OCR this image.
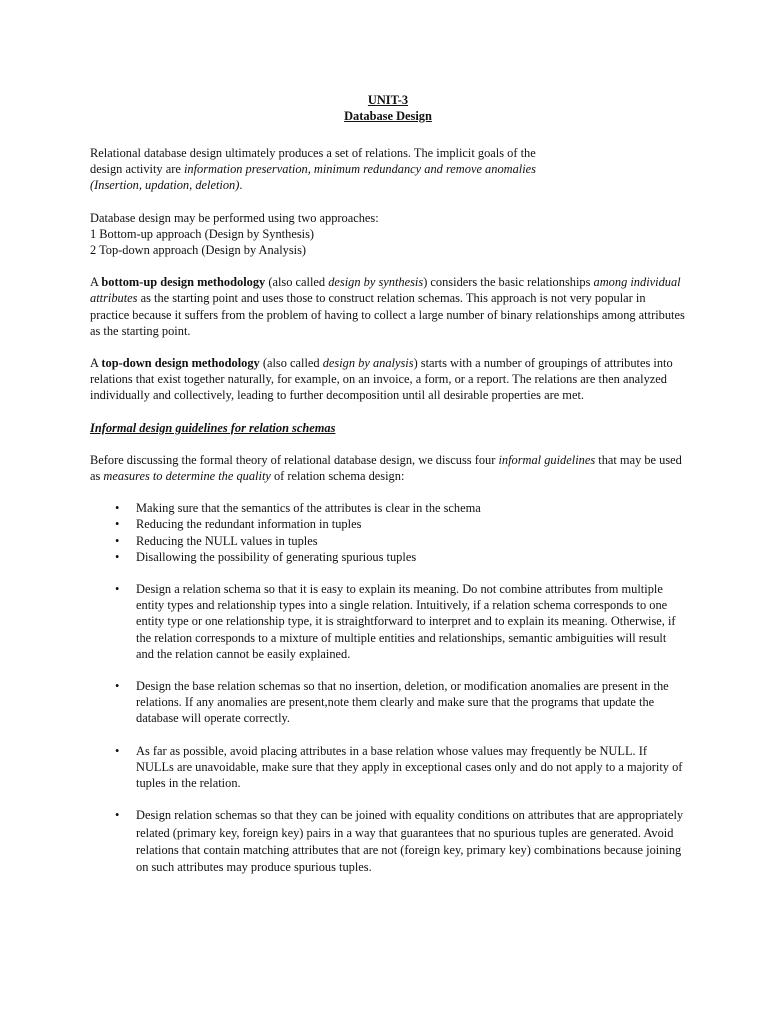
UNIT-3

Database Design

Relational database design ultimately produces a set of relations. The implicit goals of the design activity are information preservation, minimum redundancy and remove anomalies (Insertion, updation, deletion).

Database design may be performed using two approaches:

1 Bottom-up approach (Design by Synthesis)

2 Top-down approach (Design by Analysis)

A bottom-up design methodology (also called design by synthesis) considers the basic relationships among individual attributes as the starting point and uses those to construct relation schemas. This approach is not very popular in practice because it suffers from the problem of having to collect a large number of binary relationships among attributes as the starting point.

A top-down design methodology (also called design by analysis) starts with a number of groupings of attributes into relations that exist together naturally, for example, on an invoice, a form, or a report. The relations are then analyzed individually and collectively, leading to further decomposition until all desirable properties are met.

Informal design guidelines for relation schemas

Before discussing the formal theory of relational database design, we discuss four informal guidelines that may be used as measures to determine the quality of relation schema design:

• Making sure that the semantics of the attributes is clear in the schema
• Reducing the redundant information in tuples
• Reducing the NULL values in tuples
• Disallowing the possibility of generating spurious tuples
• Design a relation schema so that it is easy to explain its meaning. Do not combine attributes from multiple entity types and relationship types into a single relation. Intuitively, if a relation schema corresponds to one entity type or one relationship type, it is straightforward to interpret and to explain its meaning. Otherwise, if the relation corresponds to a mixture of multiple entities and relationships, semantic ambiguities will result and the relation cannot be easily explained.
• Design the base relation schemas so that no insertion, deletion, or modification anomalies are present in the relations. If any anomalies are present,note them clearly and make sure that the programs that update the database will operate correctly.
• As far as possible, avoid placing attributes in a base relation whose values may frequently be NULL. If NULLs are unavoidable, make sure that they apply in exceptional cases only and do not apply to a majority of tuples in the relation.
• Design relation schemas so that they can be joined with equality conditions on attributes that are appropriately related (primary key, foreign key) pairs in a way that guarantees that no spurious tuples are generated. Avoid relations that contain matching attributes that are not (foreign key, primary key) combinations because joining on such attributes may produce spurious tuples.
